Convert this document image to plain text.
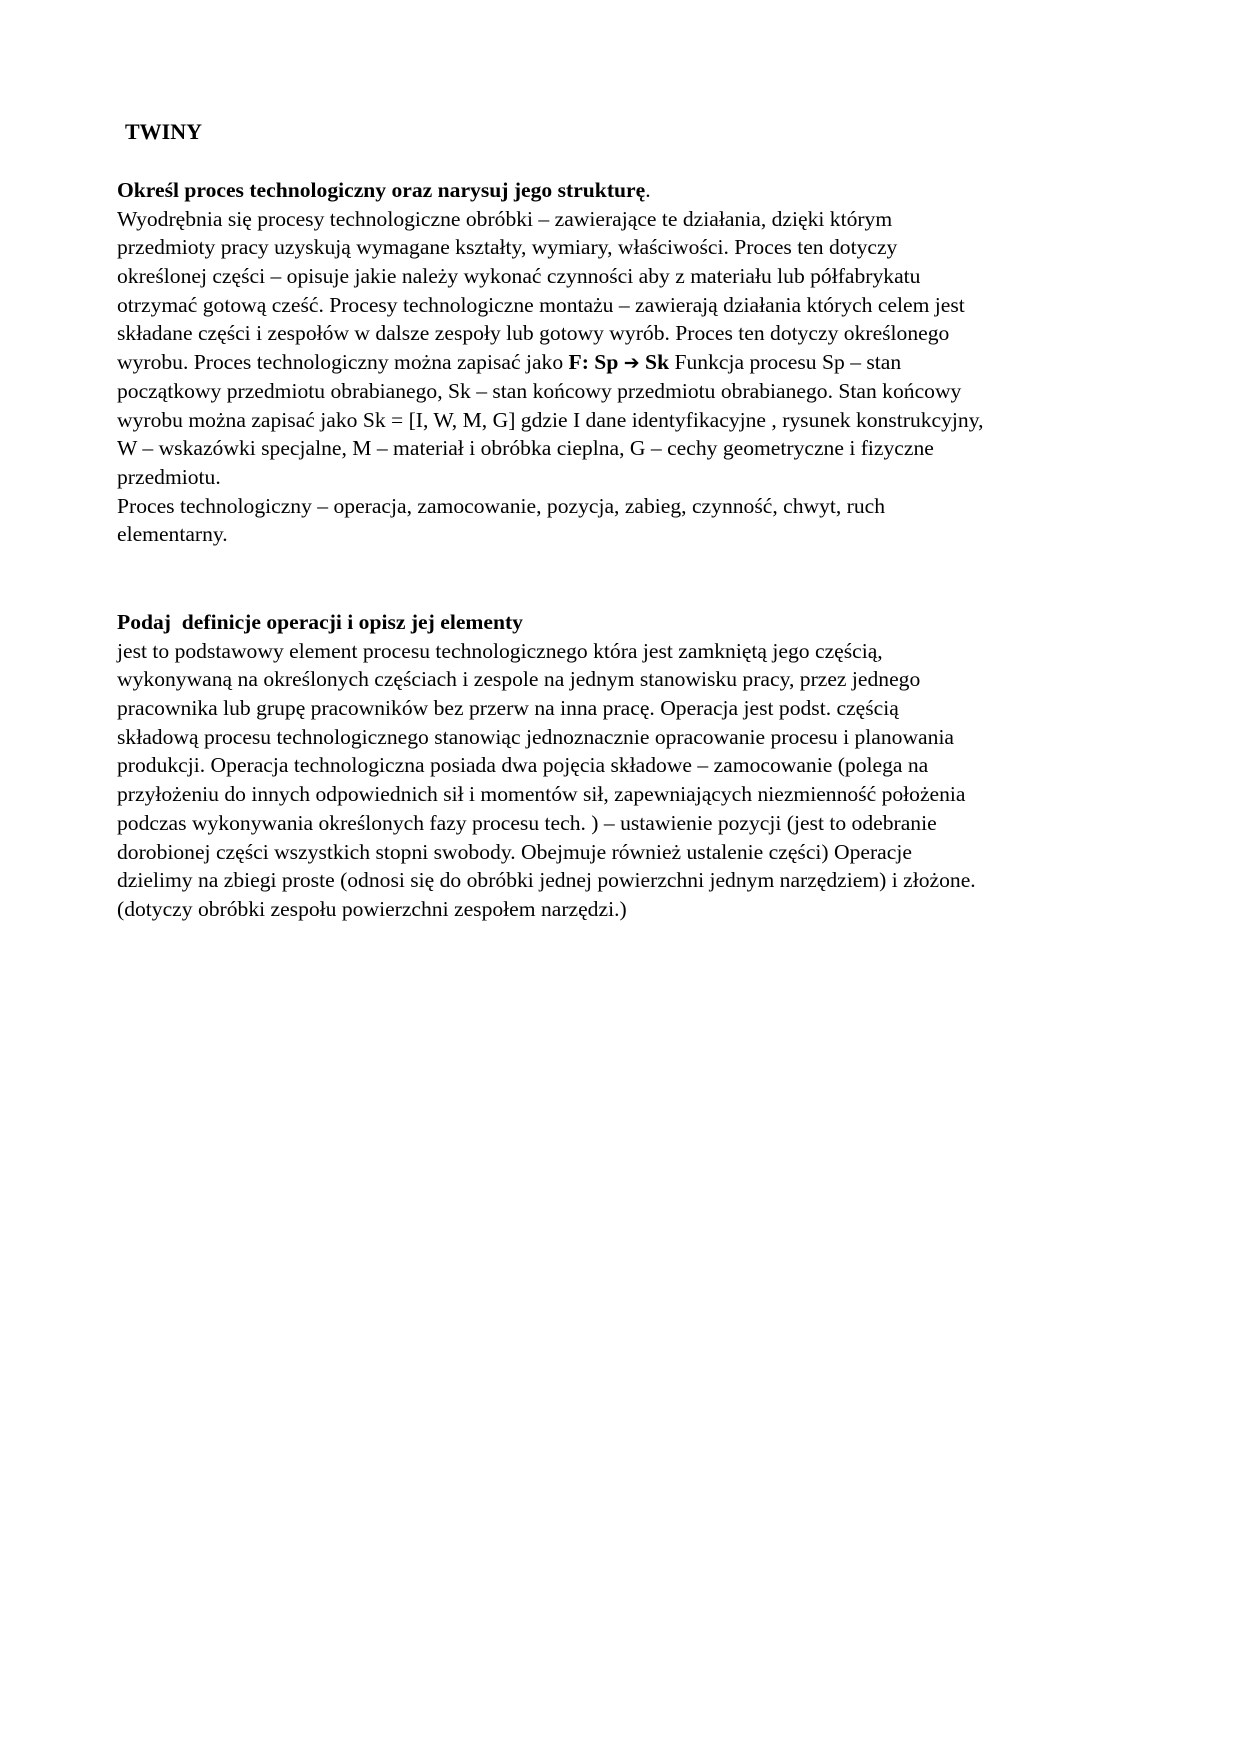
TWINY
Określ proces technologiczny oraz narysuj jego strukturę.
Wyodrębnia się procesy technologiczne obróbki – zawierające te działania, dzięki którym
przedmioty pracy uzyskują wymagane kształty, wymiary, właściwości. Proces ten dotyczy
określonej części – opisuje jakie należy wykonać czynności aby z materiału lub półfabrykatu
otrzymać gotową cześć. Procesy technologiczne montażu – zawierają działania których celem jest
składane części i zespołów w dalsze zespoły lub gotowy wyrób. Proces ten dotyczy określonego
wyrobu. Proces technologiczny można zapisać jako F: Sp ➔ Sk Funkcja procesu Sp – stan
początkowy przedmiotu obrabianego, Sk – stan końcowy przedmiotu obrabianego. Stan końcowy
wyrobu można zapisać jako Sk = [I, W, M, G] gdzie I dane identyfikacyjne , rysunek konstrukcyjny,
W – wskazówki specjalne, M – materiał i obróbka cieplna, G – cechy geometryczne i fizyczne
przedmiotu.
Proces technologiczny – operacja, zamocowanie, pozycja, zabieg, czynność, chwyt, ruch
elementarny.
Podaj  definicje operacji i opisz jej elementy
jest to podstawowy element procesu technologicznego która jest zamkniętą jego częścią,
wykonywaną na określonych częściach i zespole na jednym stanowisku pracy, przez jednego
pracownika lub grupę pracowników bez przerw na inna pracę. Operacja jest podst. częścią
składową procesu technologicznego stanowiąc jednoznacznie opracowanie procesu i planowania
produkcji. Operacja technologiczna posiada dwa pojęcia składowe – zamocowanie (polega na
przyłożeniu do innych odpowiednich sił i momentów sił, zapewniających niezmienność położenia
podczas wykonywania określonych fazy procesu tech. ) – ustawienie pozycji (jest to odebranie
dorobionej części wszystkich stopni swobody. Obejmuje również ustalenie części) Operacje
dzielimy na zbiegi proste (odnosi się do obróbki jednej powierzchni jednym narzędziem) i złożone.
(dotyczy obróbki zespołu powierzchni zespołem narzędzi.)
